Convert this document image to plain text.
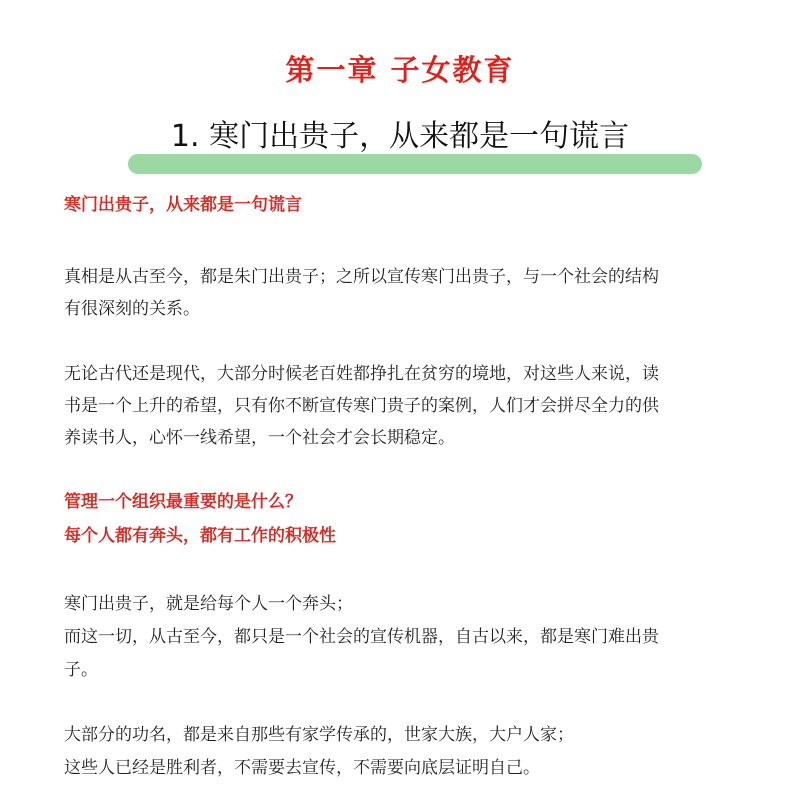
第一章 子女教育
1. 寒门出贵子，从来都是一句谎言
寒门出贵子，从来都是一句谎言
真相是从古至今，都是朱门出贵子；之所以宣传寒门出贵子，与一个社会的结构
有很深刻的关系。
无论古代还是现代，大部分时候老百姓都挣扎在贫穷的境地，对这些人来说，读
书是一个上升的希望，只有你不断宣传寒门贵子的案例，人们才会拼尽全力的供
养读书人，心怀一线希望，一个社会才会长期稳定。
管理一个组织最重要的是什么？
每个人都有奔头，都有工作的积极性
寒门出贵子，就是给每个人一个奔头；
而这一切，从古至今，都只是一个社会的宣传机器，自古以来，都是寒门难出贵
子。
大部分的功名，都是来自那些有家学传承的，世家大族，大户人家；
这些人已经是胜利者，不需要去宣传，不需要向底层证明自己。
